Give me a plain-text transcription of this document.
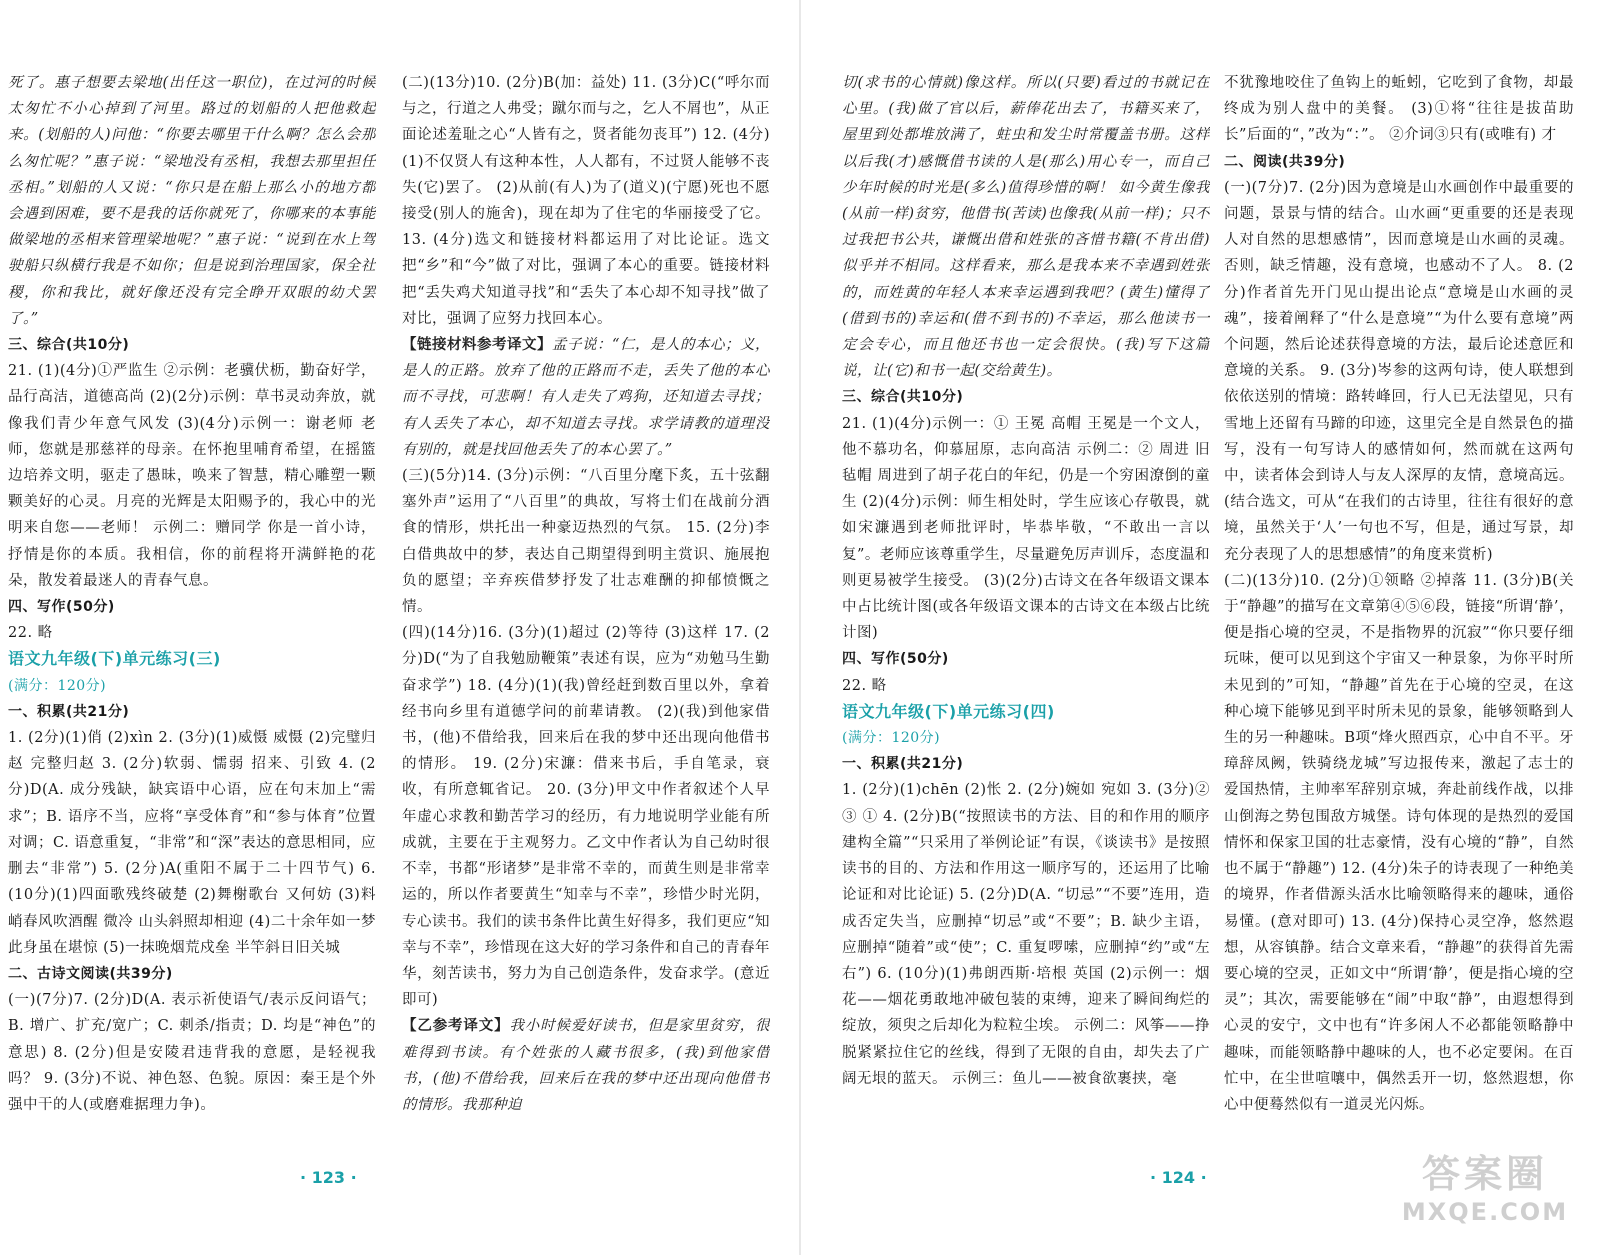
死了。惠子想要去梁地(出任这一职位)，在过河的时候太匆忙不小心掉到了河里。路过的划船的人把他救起来。(划船的人)问他：“你要去哪里干什么啊？怎么会那么匆忙呢？”惠子说：“梁地没有丞相，我想去那里担任丞相。”划船的人又说：“你只是在船上那么小的地方都会遇到困难，要不是我的话你就死了，你哪来的本事能做梁地的丞相来管理梁地呢？”惠子说：“说到在水上驾驶船只纵横行我是不如你；但是说到治理国家，保全社稷，你和我比，就好像还没有完全睁开双眼的幼犬罢了。”

三、综合(共10分)

21. (1)(4分)①严监生 ②示例：老骥伏枥，勤奋好学，品行高洁，道德高尚 (2)(2分)示例：草书灵动奔放，就像我们青少年意气风发 (3)(4分)示例一：谢老师 老师，您就是那慈祥的母亲。在怀抱里哺育希望，在摇篮边培养文明，驱走了愚昧，唤来了智慧，精心雕塑一颗颗美好的心灵。月亮的光辉是太阳赐予的，我心中的光明来自您——老师！ 示例二：赠同学 你是一首小诗，抒情是你的本质。我相信，你的前程将开满鲜艳的花朵，散发着最迷人的青春气息。

四、写作(50分)

22. 略

语文九年级(下)单元练习(三)

(满分：120分)

一、积累(共21分)

1. (2分)(1)俏 (2)xìn 2. (3分)(1)威慑 威慑 (2)完璧归赵 完整归赵 3. (2分)软弱、懦弱 招来、引致 4. (2分)D(A. 成分残缺，缺宾语中心语，应在句末加上“需求”；B. 语序不当，应将“享受体育”和“参与体育”位置对调；C. 语意重复，“非常”和“深”表达的意思相同，应删去“非常”) 5. (2分)A(重阳不属于二十四节气) 6. (10分)(1)四面歌残终破楚 (2)舞榭歌台 又何妨 (3)料峭春风吹酒醒 微冷 山头斜照却相迎 (4)二十余年如一梦 此身虽在堪惊 (5)一抹晚烟荒戍垒 半竿斜日旧关城

二、古诗文阅读(共39分)

(一)(7分)7. (2分)D(A. 表示祈使语气/表示反问语气；B. 增广、扩充/宽广；C. 刺杀/指责；D. 均是“神色”的意思) 8. (2分)但是安陵君违背我的意愿，是轻视我吗？ 9. (3分)不说、神色怒、色貌。原因：秦王是个外强中干的人(或磨难据理力争)。

(二)(13分)10. (2分)B(加：益处) 11. (3分)C(“呼尔而与之，行道之人弗受；蹴尔而与之，乞人不屑也”，从正面论述羞耻之心“人皆有之，贤者能勿丧耳”) 12. (4分)(1)不仅贤人有这种本性，人人都有，不过贤人能够不丧失(它)罢了。 (2)从前(有人)为了(道义)(宁愿)死也不愿接受(别人的施舍)，现在却为了住宅的华丽接受了它。 13. (4分)选文和链接材料都运用了对比论证。选文把“乡”和“今”做了对比，强调了本心的重要。链接材料把“丢失鸡犬知道寻找”和“丢失了本心却不知寻找”做了对比，强调了应努力找回本心。

【链接材料参考译文】孟子说：“仁，是人的本心；义，是人的正路。放弃了他的正路而不走，丢失了他的本心而不寻找，可悲啊！有人走失了鸡狗，还知道去寻找；有人丢失了本心，却不知道去寻找。求学请教的道理没有别的，就是找回他丢失了的本心罢了。”

(三)(5分)14. (3分)示例：“八百里分麾下炙，五十弦翻塞外声”运用了“八百里”的典故，写将士们在战前分酒食的情形，烘托出一种豪迈热烈的气氛。 15. (2分)李白借典故中的梦，表达自己期望得到明主赏识、施展抱负的愿望；辛弃疾借梦抒发了壮志难酬的抑郁愤慨之情。

(四)(14分)16. (3分)(1)超过 (2)等待 (3)这样 17. (2分)D(“为了自我勉励鞭策”表述有误，应为“劝勉马生勤奋求学”) 18. (4分)(1)(我)曾经赶到数百里以外，拿着经书向乡里有道德学问的前辈请教。 (2)(我)到他家借书，(他)不借给我，回来后在我的梦中还出现向他借书的情形。 19. (2分)宋濂：借来书后，手自笔录，衰收，有所意辄省记。 20. (3分)甲文中作者叙述个人早年虚心求教和勤苦学习的经历，有力地说明学业能有所成就，主要在于主观努力。乙文中作者认为自己幼时很不幸，书都“形诸梦”是非常不幸的，而黄生则是非常幸运的，所以作者要黄生“知幸与不幸”，珍惜少时光阴，专心读书。我们的读书条件比黄生好得多，我们更应“知幸与不幸”，珍惜现在这大好的学习条件和自己的青春年华，刻苦读书，努力为自己创造条件，发奋求学。(意近即可)

【乙参考译文】我小时候爱好读书，但是家里贫穷，很难得到书读。有个姓张的人藏书很多，(我)到他家借书，(他)不借给我，回来后在我的梦中还出现向他借书的情形。我那种迫

· 123 ·

切(求书的心情就)像这样。所以(只要)看过的书就记在心里。(我)做了官以后，薪俸花出去了，书籍买来了，屋里到处都堆放满了，蛀虫和发尘时常覆盖书册。这样以后我(才)感慨借书读的人是(那么)用心专一，而自己少年时候的时光是(多么)值得珍惜的啊！ 如今黄生像我(从前一样)贫穷，他借书(苦读)也像我(从前一样)；只不过我把书公共，谦慨出借和姓张的吝惜书籍(不肯出借)似乎并不相同。这样看来，那么是我本来不幸遇到姓张的，而姓黄的年轻人本来幸运遇到我吧？(黄生)懂得了(借到书的)幸运和(借不到书的)不幸运，那么他读书一定会专心，而且他还书也一定会很快。(我)写下这篇说，让(它)和书一起(交给黄生)。

三、综合(共10分)

21. (1)(4分)示例一：① 王冕 高帽 王冕是一个文人，他不慕功名，仰慕屈原，志向高洁 示例二：② 周进 旧毡帽 周进到了胡子花白的年纪，仍是一个穷困潦倒的童生 (2)(4分)示例：师生相处时，学生应该心存敬畏，就如宋濂遇到老师批评时，毕恭毕敬，“不敢出一言以复”。老师应该尊重学生，尽量避免厉声训斥，态度温和则更易被学生接受。 (3)(2分)古诗文在各年级语文课本中占比统计图(或各年级语文课本的古诗文在本级占比统计图)

四、写作(50分)

22. 略

语文九年级(下)单元练习(四)

(满分：120分)

一、积累(共21分)

1. (2分)(1)chēn (2)怅 2. (2分)婉如 宛如 3. (3分)② ③ ① 4. (2分)B(“按照读书的方法、目的和作用的顺序建构全篇”“只采用了举例论证”有误，《谈读书》是按照读书的目的、方法和作用这一顺序写的，还运用了比喻论证和对比论证) 5. (2分)D(A. “切忌”“不要”连用，造成否定失当，应删掉“切忌”或“不要”；B. 缺少主语，应删掉“随着”或“使”；C. 重复啰嗦，应删掉“约”或“左右”) 6. (10分)(1)弗朗西斯·培根 英国 (2)示例一：烟花——烟花勇敢地冲破包装的束缚，迎来了瞬间绚烂的绽放，须臾之后却化为粒粒尘埃。 示例二：风筝——挣脱紧紧拉住它的丝线，得到了无限的自由，却失去了广阔无垠的蓝天。 示例三：鱼儿——被食欲裹挟，毫

不犹豫地咬住了鱼钩上的蚯蚓，它吃到了食物，却最终成为别人盘中的美餐。 (3)①将“往往是拔苗助长”后面的“，”改为“：”。 ②介词③只有(或唯有) 才

二、阅读(共39分)

(一)(7分)7. (2分)因为意境是山水画创作中最重要的问题，景景与情的结合。山水画“更重要的还是表现人对自然的思想感情”，因而意境是山水画的灵魂。否则，缺乏情趣，没有意境，也感动不了人。 8. (2分)作者首先开门见山提出论点“意境是山水画的灵魂”，接着阐释了“什么是意境”“为什么要有意境”两个问题，然后论述获得意境的方法，最后论述意匠和意境的关系。 9. (3分)岑参的这两句诗，使人联想到依依送别的情境：路转峰回，行人已无法望见，只有雪地上还留有马蹄的印迹，这里完全是自然景色的描写，没有一句写诗人的感情如何，然而就在这两句中，读者体会到诗人与友人深厚的友情，意境高远。(结合选文，可从“在我们的古诗里，往往有很好的意境，虽然关于‘人’一句也不写，但是，通过写景，却充分表现了人的思想感情”的角度来赏析)

(二)(13分)10. (2分)①领略 ②掉落 11. (3分)B(关于“静趣”的描写在文章第④⑤⑥段，链接“所谓‘静’，便是指心境的空灵，不是指物界的沉寂”“你只要仔细玩味，便可以见到这个宇宙又一种景象，为你平时所未见到的”可知，“静趣”首先在于心境的空灵，在这种心境下能够见到平时所未见的景象，能够领略到人生的另一种趣味。B项“烽火照西京，心中自不平。牙璋辞凤阙，铁骑绕龙城”写边报传来，激起了志士的爱国热情，主帅率军辞别京城，奔赴前线作战，以排山倒海之势包围敌方城堡。诗句体现的是热烈的爱国情怀和保家卫国的壮志豪情，没有心境的“静”，自然也不属于“静趣”) 12. (4分)朱子的诗表现了一种绝美的境界，作者借源头活水比喻领略得来的趣味，通俗易懂。(意对即可) 13. (4分)保持心灵空净，悠然遐想，从容镇静。结合文章来看，“静趣”的获得首先需要心境的空灵，正如文中“所谓‘静’，便是指心境的空灵”；其次，需要能够在“闹”中取“静”，由遐想得到心灵的安宁，文中也有“许多闲人不必都能领略静中趣味，而能领略静中趣味的人，也不必定要闲。在百忙中，在尘世喧嚷中，偶然丢开一切，悠然遐想，你心中便蓦然似有一道灵光闪烁。

· 124 ·	答案圈
MXQE.COM
